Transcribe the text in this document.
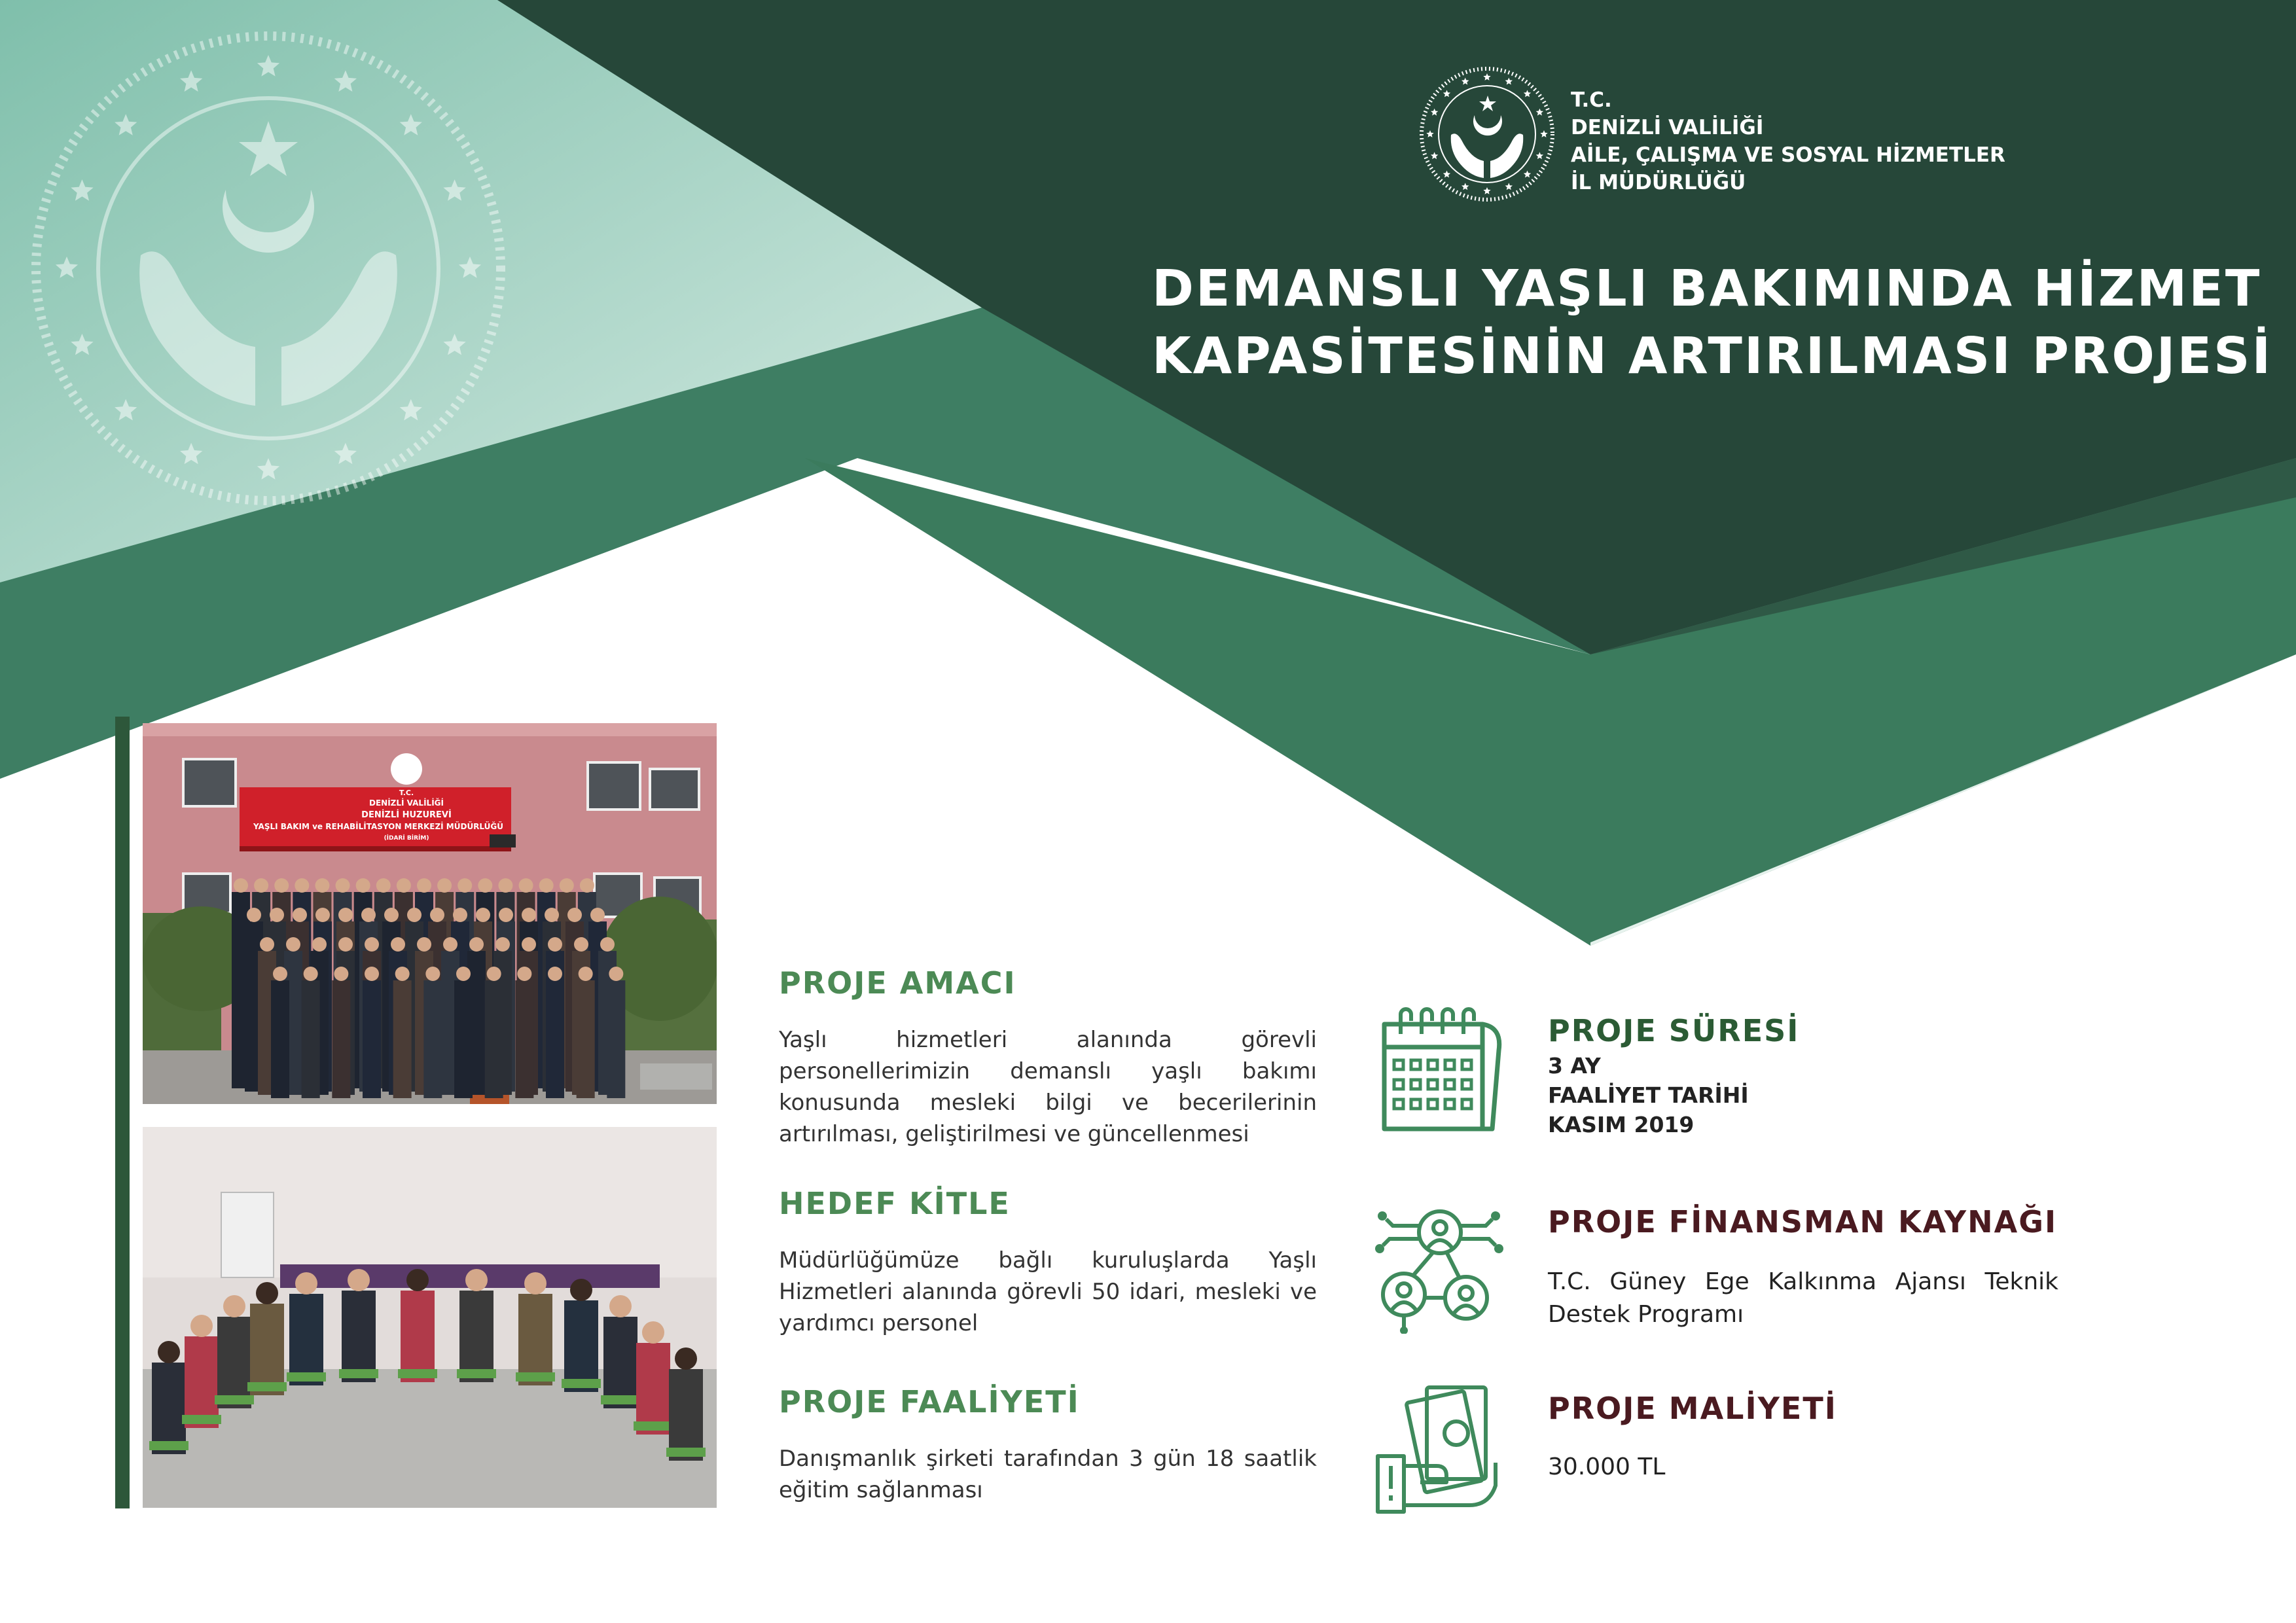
T.C.
DENİZLİ VALİLİĞİ
AİLE, ÇALIŞMA VE SOSYAL HİZMETLER
İL MÜDÜRLÜĞÜ
DEMANSLI YAŞLI BAKIMINDA HİZMET
KAPASİTESİNİN ARTIRILMASI PROJESİ
T.C.
DENİZLİ VALİLİĞİ
DENİZLİ HUZUREVİ
YAŞLI BAKIM ve REHABİLİTASYON MERKEZİ MÜDÜRLÜĞÜ
(İDARİ BİRİM)
PROJE AMACI
Yaşlı hizmetleri alanında görevli personellerimizin demanslı yaşlı bakımı konusunda mesleki bilgi ve becerilerinin artırılması, geliştirilmesi ve güncellenmesi
HEDEF KİTLE
Müdürlüğümüze bağlı kuruluşlarda Yaşlı Hizmetleri alanında görevli 50 idari, mesleki ve yardımcı personel
PROJE FAALİYETİ
Danışmanlık şirketi tarafından 3 gün 18 saatlik eğitim sağlanması
PROJE SÜRESİ
3 AY
FAALİYET TARİHİ
KASIM 2019
PROJE FİNANSMAN KAYNAĞI
T.C. Güney Ege Kalkınma Ajansı Teknik Destek Programı
PROJE MALİYETİ
30.000 TL
